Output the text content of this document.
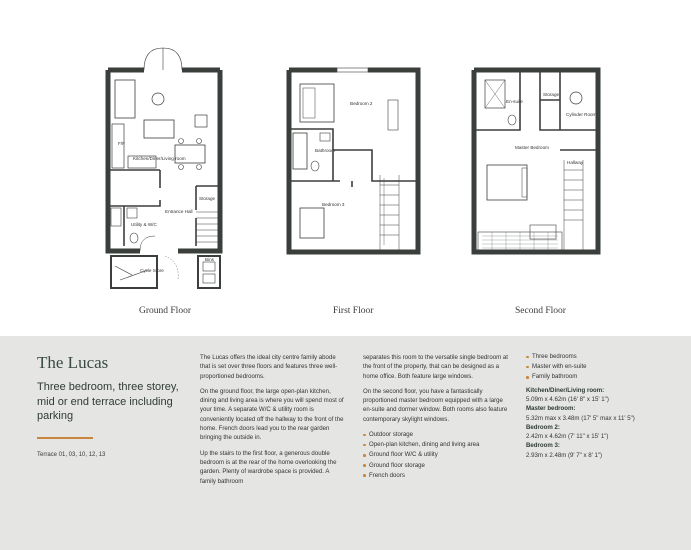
Kitchen/Diner/Living room
F/F
Entrance Hall
Storage
Utility & W/C
Cycle Store
Bins
Bedroom 2
Bathroom
Bedroom 3
En-suite
Storage
Cylinder Room
Master Bedroom
Hallway
Ground Floor	First Floor	Second Floor
The Lucas
Three bedroom, three storey, mid or end terrace including parking
Terrace 01, 03, 10, 12, 13

The Lucas offers the ideal city centre family abode that is set over three floors and features three well-proportioned bedrooms.

On the ground floor, the large open-plan kitchen, dining and living area is where you will spend most of your time. A separate W/C & utility room is conveniently located off the hallway to the front of the home. French doors lead you to the rear garden bringing the outside in.

Up the stairs to the first floor, a generous double bedroom is at the rear of the home overlooking the garden. Plenty of wardrobe space is provided. A family bathroom

separates this room to the versatile single bedroom at the front of the property, that can be designed as a home office. Both feature large windows.

On the second floor, you have a fantastically proportioned master bedroom equipped with a large en-suite and dormer window. Both rooms also feature contemporary skylight windows.

Outdoor storage
Open-plan kitchen, dining and living area
Ground floor W/C & utility
Ground floor storage
French doors
Three bedrooms
Master with en-suite
Family bathroom
Kitchen/Diner/Living room:
5.09m x 4.62m (16' 8" x 15' 1")
Master bedroom:
5.32m max x 3.48m (17' 5" max x 11' 5")
Bedroom 2:
2.42m x 4.62m (7' 11" x 15' 1")
Bedroom 3:
2.93m x 2.48m (9' 7" x 8' 1")
